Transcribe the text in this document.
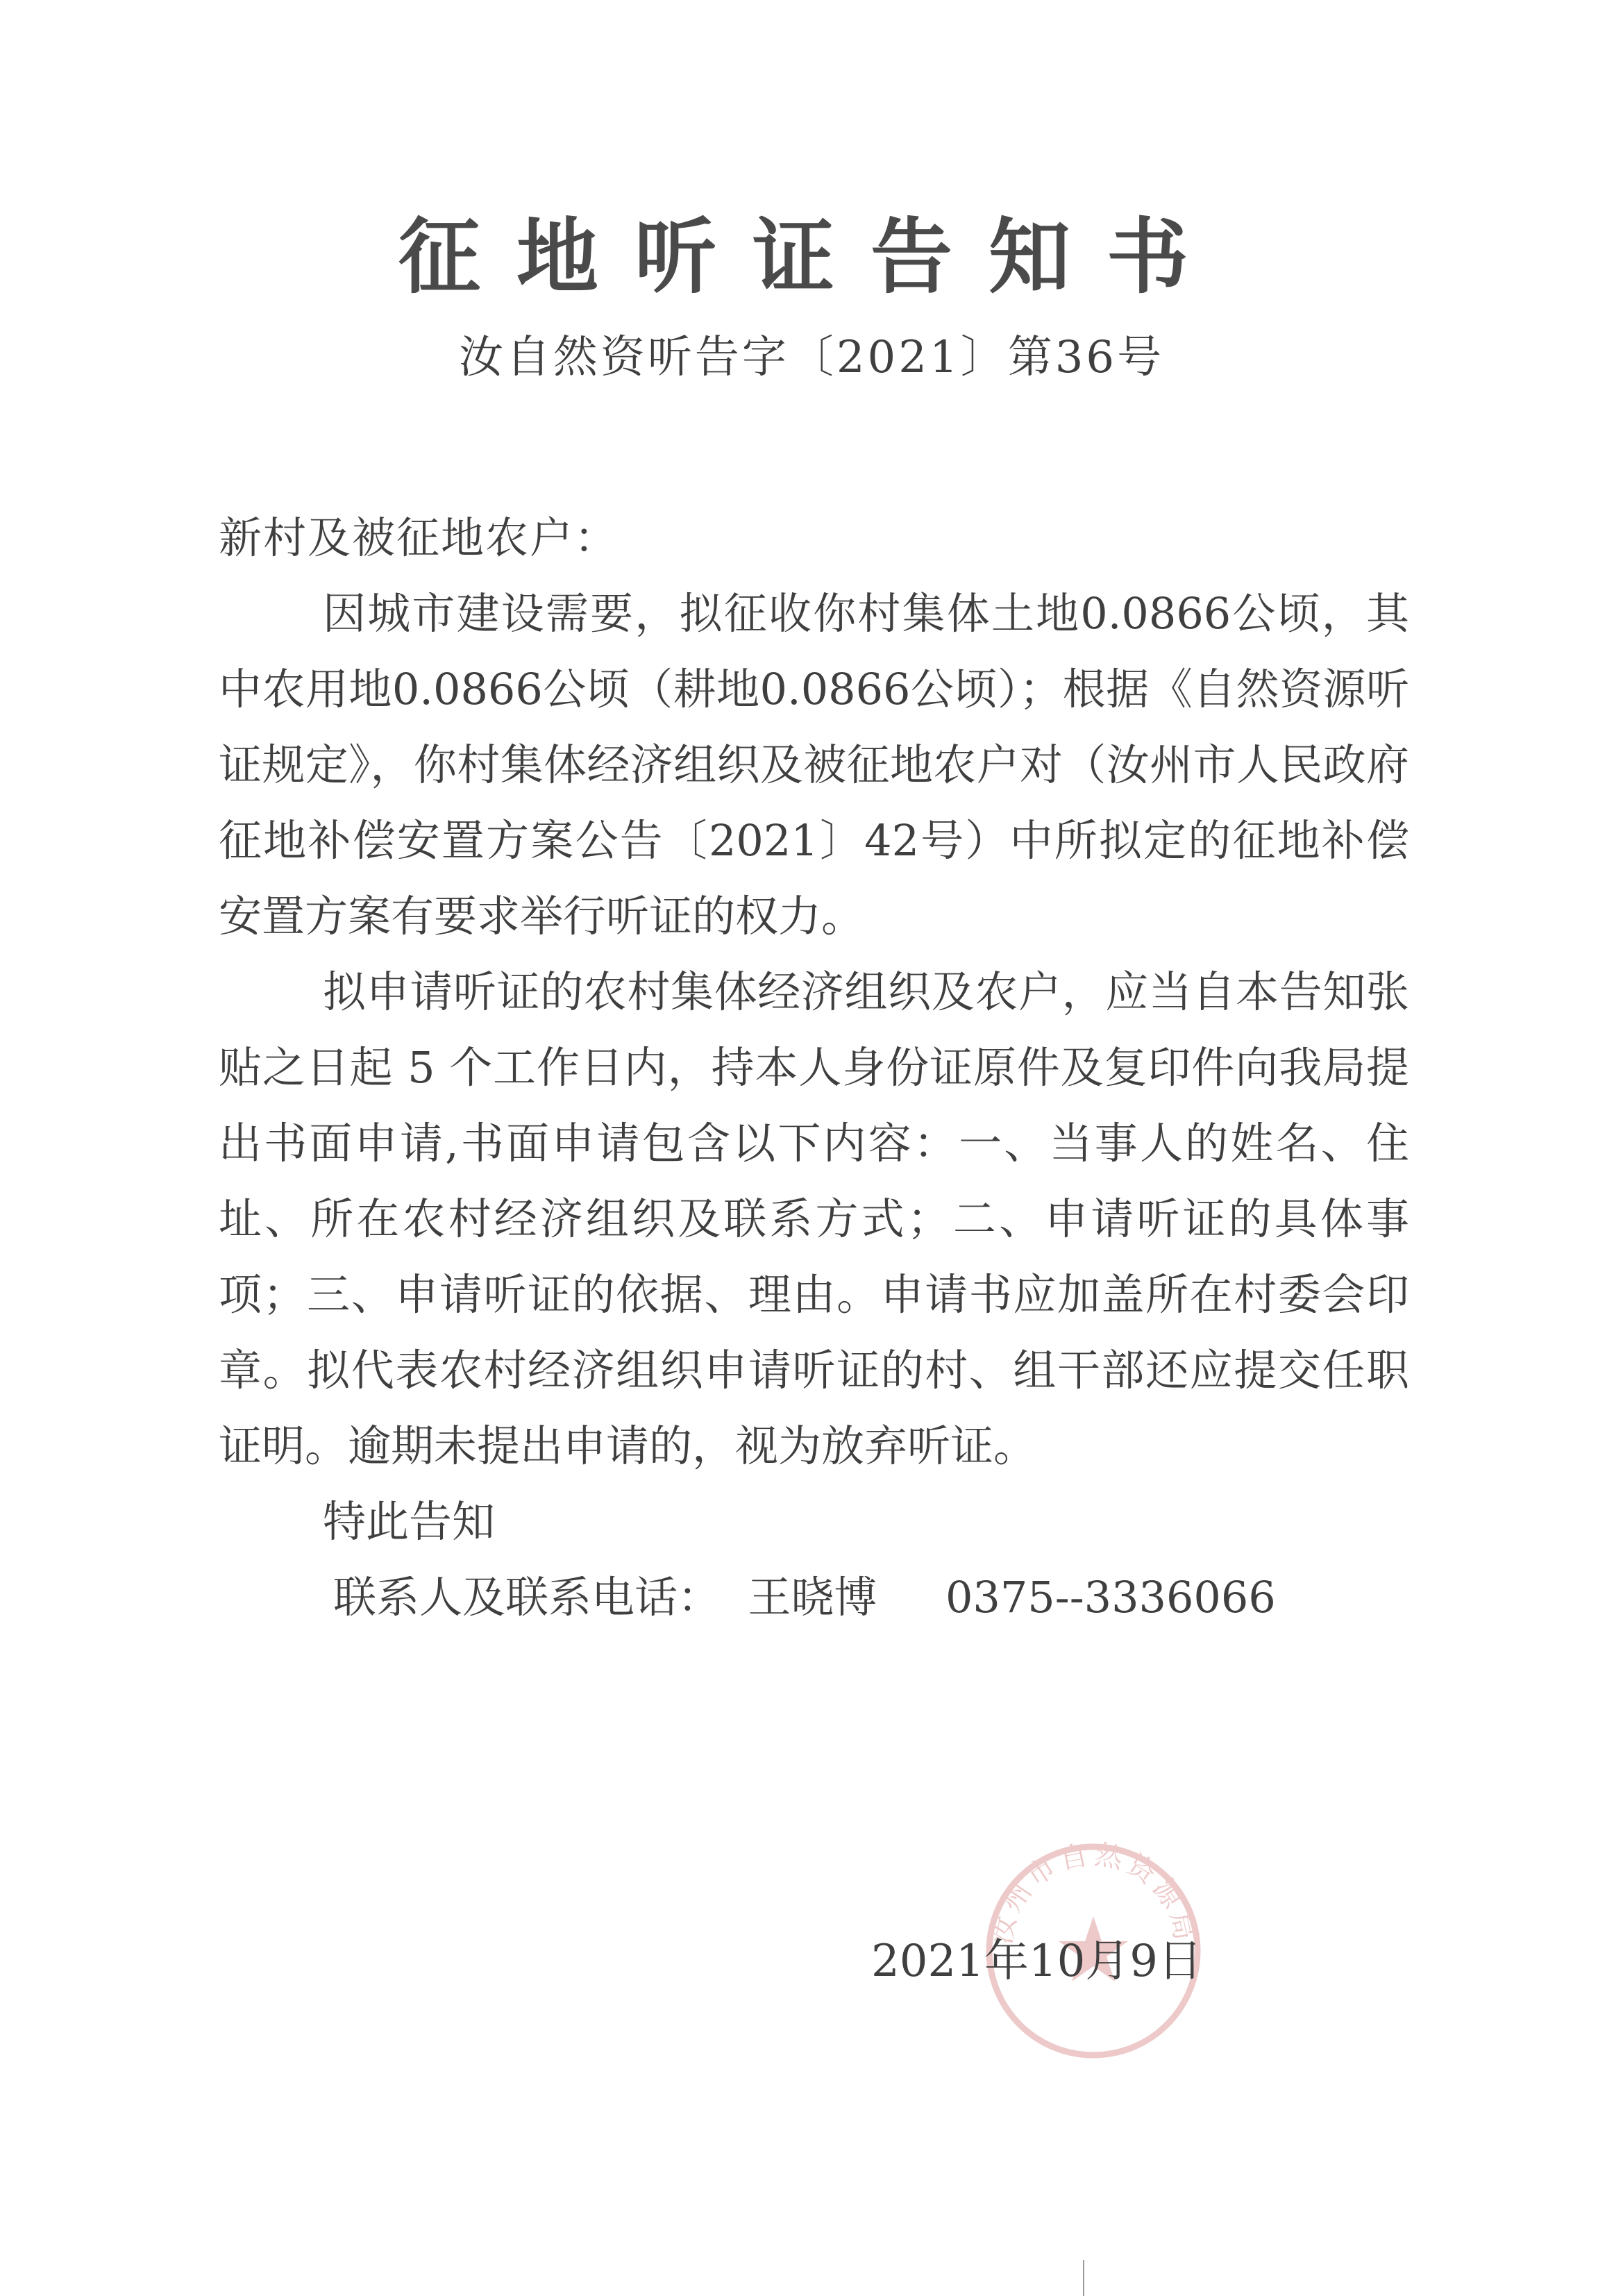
征地听证告知书
汝自然资听告字〔2021〕第36号

新村及被征地农户：

因城市建设需要，拟征收你村集体土地0.0866公顷，其中农用地0.0866公顷（耕地0.0866公顷）；根据《自然资源听证规定》，你村集体经济组织及被征地农户对（汝州市人民政府征地补偿安置方案公告〔2021〕42号）中所拟定的征地补偿安置方案有要求举行听证的权力。

拟申请听证的农村集体经济组织及农户，应当自本告知张贴之日起 5 个工作日内，持本人身份证原件及复印件向我局提出书面申请,书面申请包含以下内容：一、当事人的姓名、住址、所在农村经济组织及联系方式；二、申请听证的具体事项；三、申请听证的依据、理由。申请书应加盖所在村委会印章。拟代表农村经济组织申请听证的村、组干部还应提交任职证明。逾期未提出申请的，视为放弃听证。

特此告知

联系人及联系电话：  王晓博     0375--3336066

汝州市自然资源局
2021年10月9日
